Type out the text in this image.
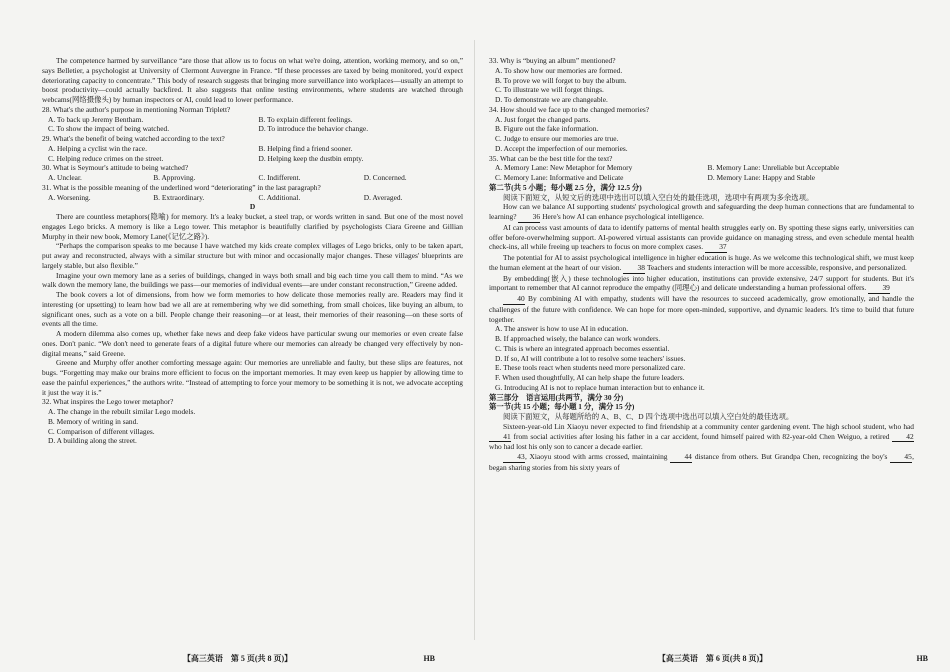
The competence harmed by surveillance “are those that allow us to focus on what we're doing, attention, working memory, and so on,” says Belletier, a psychologist at University of Clermont Auvergne in France. “If these processes are taxed by being monitored, you'd expect deteriorating capacity to concentrate.” This body of research suggests that bringing more surveillance into workplaces—usually an attempt to boost productivity—could actually backfired. It also suggests that online testing environments, where students are watched through webcams(网络摄像头) by human inspectors or AI, could lead to lower performance.

28. What's the author's purpose in mentioning Norman Triplett?

A. To back up Jeremy Bentham.	B. To explain different feelings.
C. To show the impact of being watched.	D. To introduce the behavior change.

29. What's the benefit of being watched according to the text?

A. Helping a cyclist win the race.	B. Helping find a friend sooner.
C. Helping reduce crimes on the street.	D. Helping keep the dustbin empty.

30. What is Seymour's attitude to being watched?

A. Unclear.	B. Approving.	C. Indifferent.	D. Concerned.

31. What is the possible meaning of the underlined word “deteriorating” in the last paragraph?

A. Worsening.	B. Extraordinary.	C. Additional.	D. Averaged.

D

There are countless metaphors(隐喻) for memory. It's a leaky bucket, a steel trap, or words written in sand. But one of the most novel engages Lego bricks. A memory is like a Lego tower. This metaphor is beautifully clarified by psychologists Ciara Greene and Gillian Murphy in their new book, Memory Lane(《记忆之路》).

“Perhaps the comparison speaks to me because I have watched my kids create complex villages of Lego bricks, only to be taken apart, put away and reconstructed, always with a similar structure but with minor and occasionally major changes. These villages' blueprints are largely stable, but also flexible.”

Imagine your own memory lane as a series of buildings, changed in ways both small and big each time you call them to mind. “As we walk down the memory lane, the buildings we pass—our memories of individual events—are under constant reconstruction,” Greene added.

The book covers a lot of dimensions, from how we form memories to how delicate those memories really are. Readers may find it interesting (or upsetting) to learn how bad we all are at remembering why we did something, from small choices, like buying an album, to significant ones, such as a vote on a bill. People change their reasoning—or at least, their memories of their reasoning—on these sorts of events all the time.

A modern dilemma also comes up, whether fake news and deep fake videos have particular swung our memories or even create false ones. Don't panic. “We don't need to generate fears of a digital future where our memories can already be changed very effectively by non-digital means,” said Greene.

Greene and Murphy offer another comforting message again: Our memories are unreliable and faulty, but these slips are features, not bugs. “Forgetting may make our brains more efficient to focus on the important memories. It may even keep us happier by allowing time to ease the painful experiences,” the authors write. “Instead of attempting to force your memory to be something it is not, we advocate accepting it just the way it is.”

32. What inspires the Lego tower metaphor?

A. The change in the rebuilt similar Lego models.

B. Memory of writing in sand.

C. Comparison of different villages.

D. A building along the street.

【高三英语　第 5 页(共 8 页)】	HB

33. Why is “buying an album” mentioned?

A. To show how our memories are formed.

B. To prove we will forget to buy the album.

C. To illustrate we will forget things.

D. To demonstrate we are changeable.

34. How should we face up to the changed memories?

A. Just forget the changed parts.

B. Figure out the fake information.

C. Judge to ensure our memories are true.

D. Accept the imperfection of our memories.

35. What can be the best title for the text?

A. Memory Lane: New Metaphor for Memory	B. Memory Lane: Unreliable but Acceptable
C. Memory Lane: Informative and Delicate	D. Memory Lane: Happy and Stable

第二节(共 5 小题；每小题 2.5 分，满分 12.5 分)

阅读下面短文，从短文后的选项中选出可以填入空白处的最佳选项，选项中有两项为多余选项。

How can we balance AI supporting students' psychological growth and safeguarding the deep human connections that are fundamental to learning? 36 Here's how AI can enhance psychological intelligence.

AI can process vast amounts of data to identify patterns of mental health struggles early on. By spotting these signs early, universities can offer before-overwhelming support. AI-powered virtual assistants can provide guidance on managing stress, and even schedule mental health check-ins, all while freeing up teachers to focus on more complex cases. 37

The potential for AI to assist psychological intelligence in higher education is huge. As we welcome this technological shift, we must keep the human element at the heart of our vision. 38 Teachers and students interaction will be more accessible, responsive, and personalized.

By embedding(嵌入) these technologies into higher education, institutions can provide extensive, 24/7 support for students. But it's important to remember that AI cannot reproduce the empathy (同理心) and delicate understanding a human professional offers. 39

40 By combining AI with empathy, students will have the resources to succeed academically, grow emotionally, and handle the challenges of the future with confidence. We can hope for more open-minded, supportive, and dynamic leaders. It's time to build that future together.

A. The answer is how to use AI in education.

B. If approached wisely, the balance can work wonders.

C. This is where an integrated approach becomes essential.

D. If so, AI will contribute a lot to resolve some teachers' issues.

E. These tools react when students need more personalized care.

F. When used thoughtfully, AI can help shape the future leaders.

G. Introducing AI is not to replace human interaction but to enhance it.

第三部分　语言运用(共两节，满分 30 分)

第一节(共 15 小题；每小题 1 分，满分 15 分)

阅读下面短文，从每题所给的 A、B、C、D 四个选项中选出可以填入空白处的最佳选项。

Sixteen-year-old Lin Xiaoyu never expected to find friendship at a community center gardening event. The high school student, who had 41 from social activities after losing his father in a car accident, found himself paired with 82-year-old Chen Weiguo, a retired 42 who had lost his only son to cancer a decade earlier.

43, Xiaoyu stood with arms crossed, maintaining 44 distance from others. But Grandpa Chen, recognizing the boy's 45, began sharing stories from his sixty years of

【高三英语　第 6 页(共 8 页)】	HB
